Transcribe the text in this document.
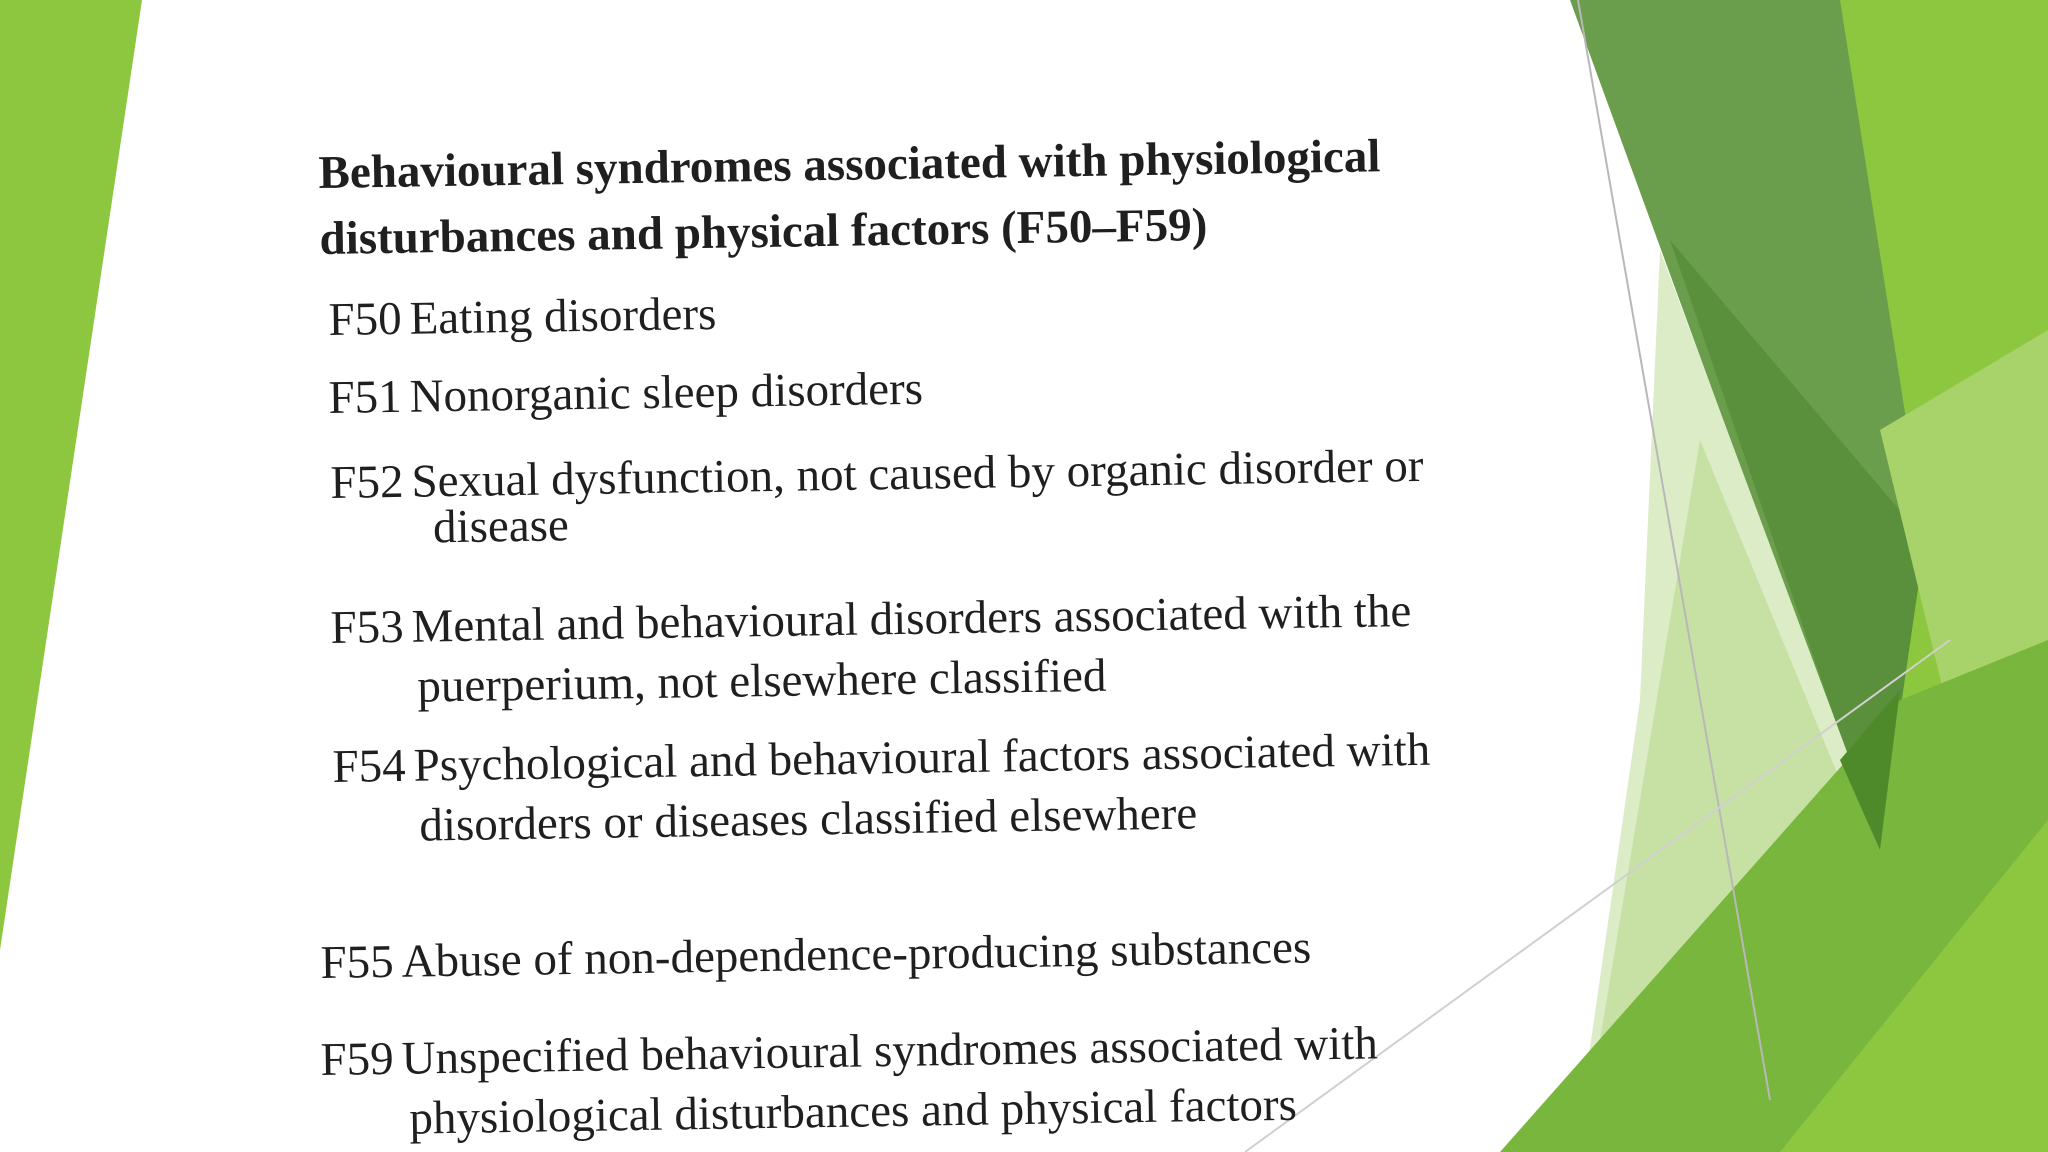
Behavioural syndromes associated with physiological
disturbances and physical factors (F50–F59)
F50 Eating disorders
F51 Nonorganic sleep disorders
F52 Sexual dysfunction, not caused by organic disorder or
disease
F53 Mental and behavioural disorders associated with the
puerperium, not elsewhere classified
F54 Psychological and behavioural factors associated with
disorders or diseases classified elsewhere
F55 Abuse of non-dependence-producing substances
F59 Unspecified behavioural syndromes associated with
physiological disturbances and physical factors
